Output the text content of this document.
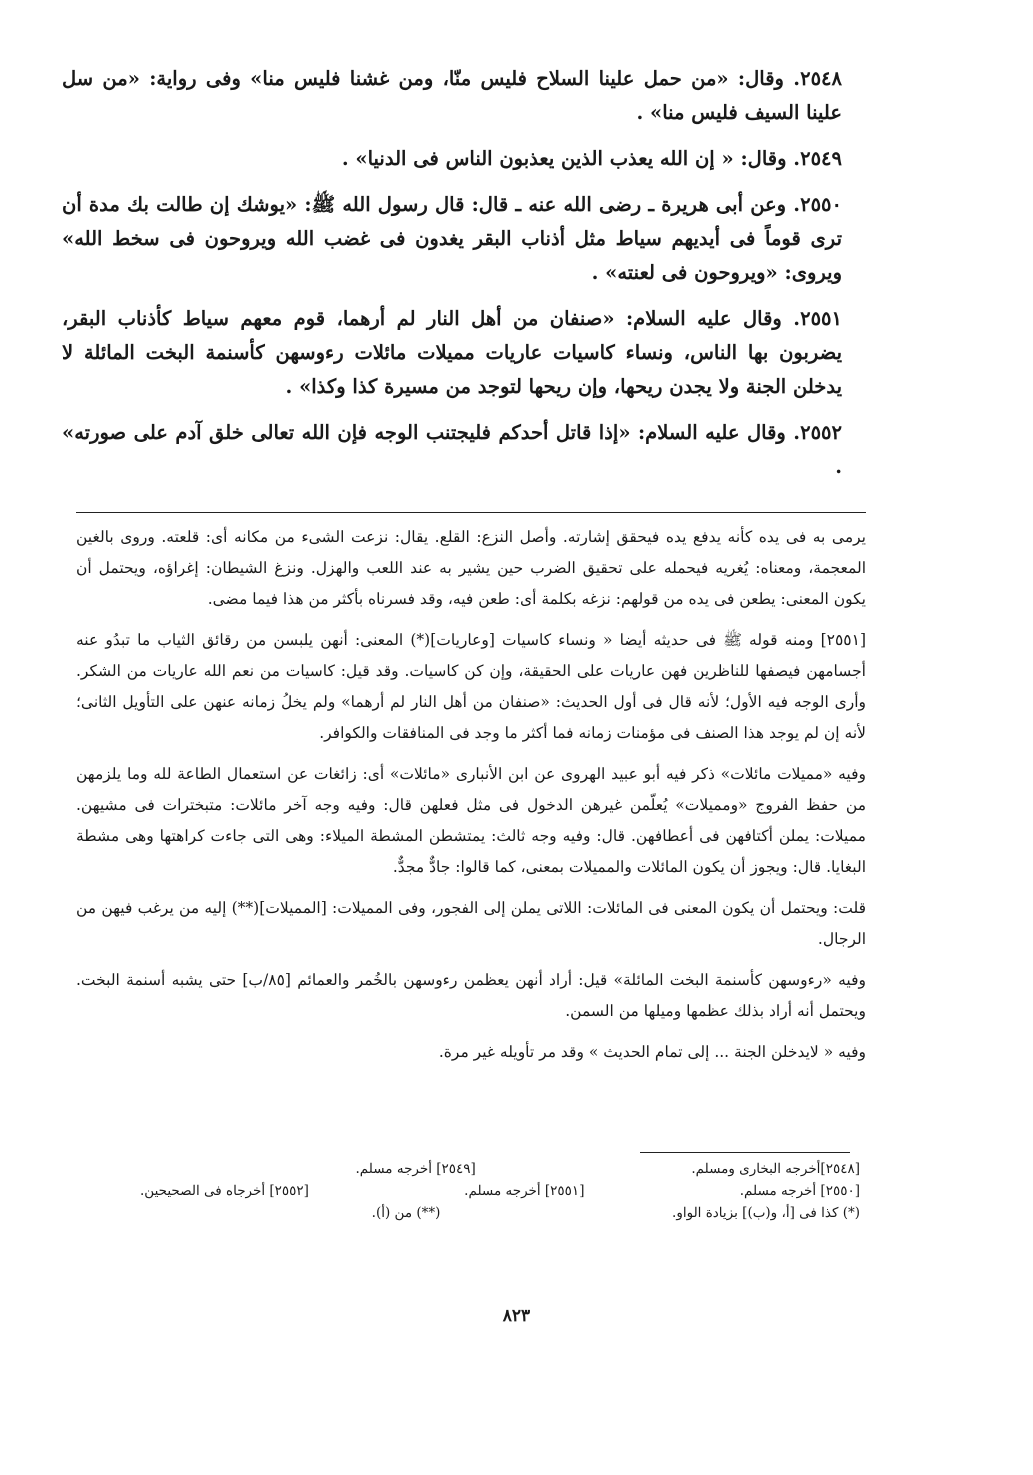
٢٥٤٨. وقال: «من حمل علينا السلاح فليس منّا، ومن غشنا فليس منا» وفى رواية: «من سل علينا السيف فليس منا» .

٢٥٤٩. وقال: « إن الله يعذب الذين يعذبون الناس فى الدنيا» .

٢٥٥٠. وعن أبى هريرة ـ رضى الله عنه ـ قال: قال رسول الله ﷺ: «يوشك إن طالت بك مدة أن ترى قوماً فى أيديهم سياط مثل أذناب البقر يغدون فى غضب الله ويروحون فى سخط الله» ويروى: «ويروحون فى لعنته» .

٢٥٥١. وقال عليه السلام: «صنفان من أهل النار لم أرهما، قوم معهم سياط كأذناب البقر، يضربون بها الناس، ونساء كاسيات عاريات مميلات مائلات رءوسهن كأسنمة البخت المائلة لا يدخلن الجنة ولا يجدن ريحها، وإن ريحها لتوجد من مسيرة كذا وكذا» .

٢٥٥٢. وقال عليه السلام: «إذا قاتل أحدكم فليجتنب الوجه فإن الله تعالى خلق آدم على صورته» .

يرمى به فى يده كأنه يدفع يده فيحقق إشارته. وأصل النزع: القلع. يقال: نزعت الشىء من مكانه أى: قلعته. وروى بالغين المعجمة، ومعناه: يُغريه فيحمله على تحقيق الضرب حين يشير به عند اللعب والهزل. ونزغ الشيطان: إغراؤه، ويحتمل أن يكون المعنى: يطعن فى يده من قولهم: نزغه بكلمة أى: طعن فيه، وقد فسرناه بأكثر من هذا فيما مضى.

[٢٥٥١] ومنه قوله ﷺ فى حديثه أيضا « ونساء كاسيات [وعاريات](*) المعنى: أنهن يلبسن من رقائق الثياب ما تبدُو عنه أجسامهن فيصفها للناظرين فهن عاريات على الحقيقة، وإن كن كاسيات. وقد قيل: كاسيات من نعم الله عاريات من الشكر. وأرى الوجه فيه الأول؛ لأنه قال فى أول الحديث: «صنفان من أهل النار لم أرهما» ولم يخلُ زمانه عنهن على التأويل الثانى؛ لأنه إن لم يوجد هذا الصنف فى مؤمنات زمانه فما أكثر ما وجد فى المنافقات والكوافر.

وفيه «مميلات مائلات» ذكر فيه أبو عبيد الهروى عن ابن الأنبارى «مائلات» أى: زائغات عن استعمال الطاعة لله وما يلزمهن من حفظ الفروج «ومميلات» يُعلّمن غيرهن الدخول فى مثل فعلهن قال: وفيه وجه آخر مائلات: متبخترات فى مشيهن. مميلات: يملن أكتافهن فى أعطافهن. قال: وفيه وجه ثالث: يمتشطن المشطة الميلاء: وهى التى جاءت كراهتها وهى مشطة البغايا. قال: ويجوز أن يكون المائلات والمميلات بمعنى، كما قالوا: جادٌّ مجدٌّ.

قلت: ويحتمل أن يكون المعنى فى المائلات: اللاتى يملن إلى الفجور، وفى المميلات: [المميلات](**) إليه من يرغب فيهن من الرجال.

وفيه «رءوسهن كأسنمة البخت المائلة» قيل: أراد أنهن يعظمن رءوسهن بالخُمر والعمائم [٨٥/ب] حتى يشبه أسنمة البخت. ويحتمل أنه أراد بذلك عظمها وميلها من السمن.

وفيه « لايدخلن الجنة ... إلى تمام الحديث » وقد مر تأويله غير مرة.

[٢٥٤٨]أخرجه البخارى ومسلم.
[٢٥٤٩] أخرجه مسلم.
[٢٥٥٠] أخرجه مسلم.
[٢٥٥١] أخرجه مسلم.
[٢٥٥٢] أخرجاه فى الصحيحين.
(*) كذا فى [أ، و(ب)] بزيادة الواو.
(**) من (أ).
٨٢٣
